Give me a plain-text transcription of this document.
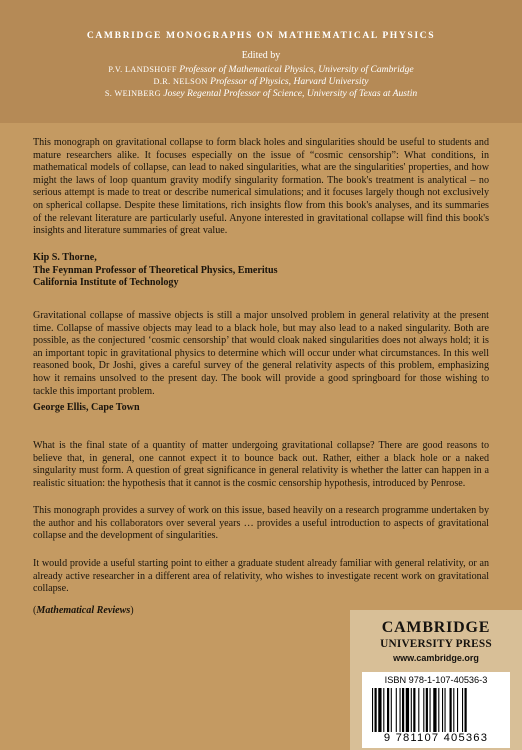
CAMBRIDGE MONOGRAPHS ON MATHEMATICAL PHYSICS
Edited by
P.V. LANDSHOFF Professor of Mathematical Physics, University of Cambridge
D.R. NELSON Professor of Physics, Harvard University
S. WEINBERG Josey Regental Professor of Science, University of Texas at Austin
This monograph on gravitational collapse to form black holes and singularities should be useful to students and mature researchers alike. It focuses especially on the issue of “cosmic censorship”: What conditions, in mathematical models of collapse, can lead to naked singularities, what are the singularities' properties, and how might the laws of loop quantum gravity modify singularity formation. The book's treatment is analytical – no serious attempt is made to treat or describe numerical simulations; and it focuses largely though not exclusively on spherical collapse. Despite these limitations, rich insights flow from this book's analyses, and its summaries of the relevant literature are particularly useful. Anyone interested in gravitational collapse will find this book's insights and literature summaries of great value.
Kip S. Thorne,
The Feynman Professor of Theoretical Physics, Emeritus
California Institute of Technology
Gravitational collapse of massive objects is still a major unsolved problem in general relativity at the present time. Collapse of massive objects may lead to a black hole, but may also lead to a naked singularity. Both are possible, as the conjectured ‘cosmic censorship’ that would cloak naked singularities does not always hold; it is an important topic in gravitational physics to determine which will occur under what circumstances. In this well reasoned book, Dr Joshi, gives a careful survey of the general relativity aspects of this problem, emphasizing how it remains unsolved to the present day. The book will provide a good springboard for those wishing to tackle this important problem.
George Ellis, Cape Town
What is the final state of a quantity of matter undergoing gravitational collapse? There are good reasons to believe that, in general, one cannot expect it to bounce back out. Rather, either a black hole or a naked singularity must form. A question of great significance in general relativity is whether the latter can happen in a realistic situation: the hypothesis that it cannot is the cosmic censorship hypothesis, introduced by Penrose.
This monograph provides a survey of work on this issue, based heavily on a research programme undertaken by the author and his collaborators over several years … provides a useful introduction to aspects of gravitational collapse and the development of singularities.
It would provide a useful starting point to either a graduate student already familiar with general relativity, or an already active researcher in a different area of relativity, who wishes to investigate recent work on gravitational collapse.
(Mathematical Reviews)
CAMBRIDGE
UNIVERSITY PRESS
www.cambridge.org
ISBN 978-1-107-40536-3
9 781107 405363
